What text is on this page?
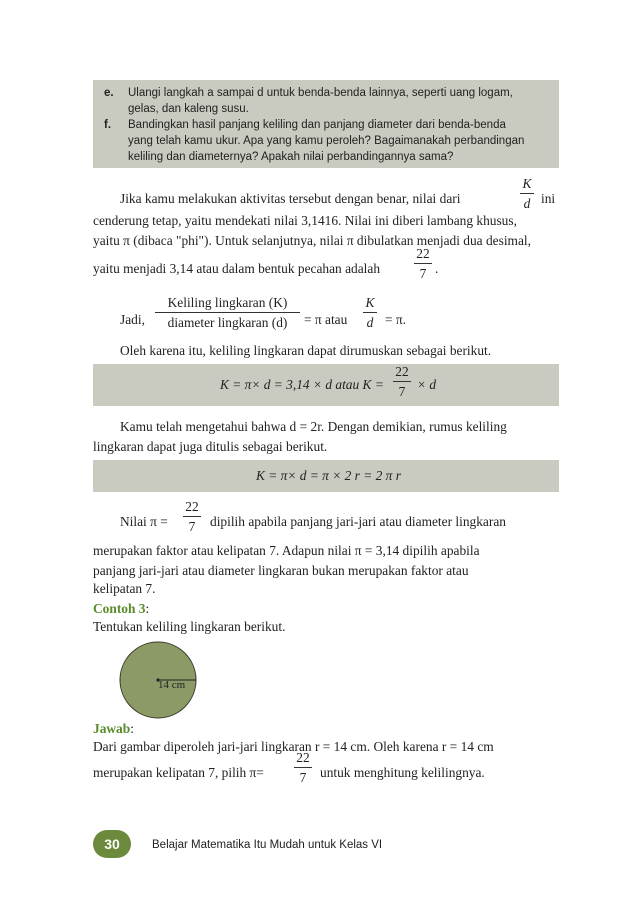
e. Ulangi langkah a sampai d untuk benda-benda lainnya, seperti uang logam,
gelas, dan kaleng susu.
f. Bandingkan hasil panjang keliling dan panjang diameter dari benda-benda
yang telah kamu ukur. Apa yang kamu peroleh? Bagaimanakah perbandingan
keliling dan diameternya? Apakah nilai perbandingannya sama?
Jika kamu melakukan aktivitas tersebut dengan benar, nilai dari
K
d ini
cenderung tetap, yaitu mendekati nilai 3,1416. Nilai ini diberi lambang khusus,
yaitu π (dibaca "phi"). Untuk selanjutnya, nilai π dibulatkan menjadi dua desimal,
yaitu menjadi 3,14 atau dalam bentuk pecahan adalah
22
7 .
Jadi,
Keliling lingkaran (K)
diameter lingkaran (d)	= π atau
K
d = π.
Oleh karena itu, keliling lingkaran dapat dirumuskan sebagai berikut.
K = π× d = 3,14 × d atau K =
22
7 × d
Kamu telah mengetahui bahwa d = 2r. Dengan demikian, rumus keliling
lingkaran dapat juga ditulis sebagai berikut.
K = π× d = π × 2 r = 2 π r
Nilai π =
22
7	dipilih apabila panjang jari-jari atau diameter lingkaran
merupakan faktor atau kelipatan 7. Adapun nilai π = 3,14 dipilih apabila
panjang jari-jari atau diameter lingkaran bukan merupakan faktor atau
kelipatan 7.
Contoh 3:
Tentukan keliling lingkaran berikut.
14 cm
Jawab:
Dari gambar diperoleh jari-jari lingkaran r = 14 cm. Oleh karena r = 14 cm
merupakan kelipatan 7, pilih π=
22
7	untuk menghitung kelilingnya.
30	Belajar Matematika Itu Mudah untuk Kelas VI
